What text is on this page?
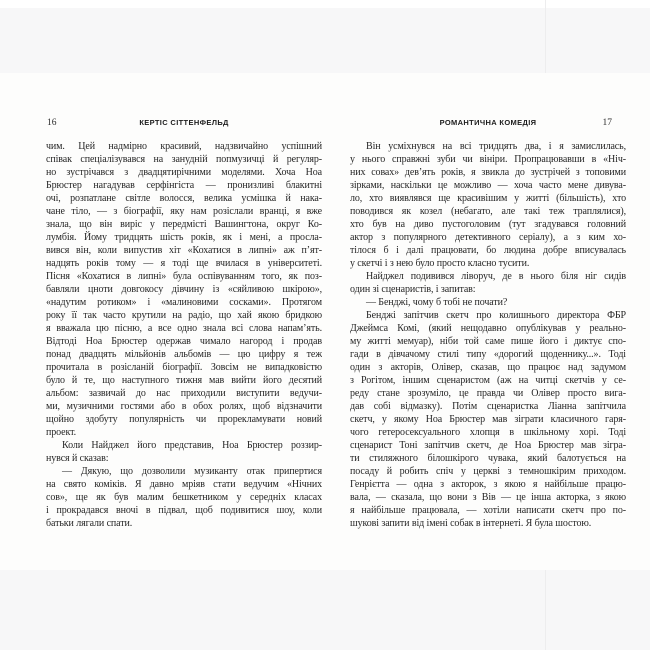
16	КЕРТІС СІТТЕНФЕЛЬД
чим. Цей надмірно красивий, надзвичайно успішний
співак спеціалізувався на занудній попмузичці й регуляр-
но зустрічався з двадцятирічними моделями. Хоча Ноа
Брюстер нагадував серфінгіста — пронизливі блакитні
очі, розпатлане світле волосся, велика усмішка й нака-
чане тіло, — з біографії, яку нам розіслали вранці, я вже
знала, що він виріс у передмісті Вашингтона, округ Ко-
лумбія. Йому тридцять шість років, як і мені, а просла-
вився він, коли випустив хіт «Кохатися в липні» аж п’ят-
надцять років тому — я тоді ще вчилася в університеті.
Пісня «Кохатися в липні» була оспівуванням того, як поз-
бавляли цноти довгокосу дівчину із «сяйливою шкірою»,
«надутим ротиком» і «малиновими сосками». Протягом
року її так часто крутили на радіо, що хай якою бридкою
я вважала цю пісню, а все одно знала всі слова напам’ять.
Відтоді Ноа Брюстер одержав чимало нагород і продав
понад двадцять мільйонів альбомів — цю цифру я теж
прочитала в розісланій біографії. Зовсім не випадковістю
було й те, що наступного тижня мав вийти його десятий
альбом: зазвичай до нас приходили виступити ведучи-
ми, музичними гостями або в обох ролях, щоб відзначити
щойно здобуту популярність чи прорекламувати новий
проект.
Коли Найджел його представив, Ноа Брюстер роззир-
нувся й сказав:
— Дякую, що дозволили музиканту отак припертися
на свято коміків. Я давно мріяв стати ведучим «Нічних
сов», ще як був малим бешкетником у середніх класах
і прокрадався вночі в підвал, щоб подивитися шоу, коли
батьки лягали спати.
РОМАНТИЧНА КОМЕДІЯ	17
Він усміхнувся на всі тридцять два, і я замислилась,
у нього справжні зуби чи вініри. Пропрацювавши в «Ніч-
них совах» дев’ять років, я звикла до зустрічей з топовими
зірками, наскільки це можливо — хоча часто мене дивува-
ло, хто виявлявся ще красивішим у житті (більшість), хто
поводився як козел (небагато, але такі теж траплялися),
хто був на диво пустоголовим (тут згадувався головний
актор з популярного детективного серіалу), а з ким хо-
тілося б і далі працювати, бо людина добре вписувалась
у скетчі і з нею було просто класно тусити.
Найджел подивився ліворуч, де в нього біля ніг сидів
один зі сценаристів, і запитав:
— Бенджі, чому б тобі не почати?
Бенджі запітчив скетч про колишнього директора ФБР
Джеймса Комі, (який нещодавно опублікував у реально-
му житті мемуар), ніби той саме пише його і диктує спо-
гади в дівчачому стилі типу «дорогий щоденнику...». Тоді
один з акторів, Олівер, сказав, що працює над задумом
з Рогітом, іншим сценаристом (аж на читці скетчів у се-
реду стане зрозуміло, це правда чи Олівер просто вига-
дав собі відмазку). Потім сценаристка Ліанна запітчила
скетч, у якому Ноа Брюстер мав зіграти класичного гаря-
чого гетеросексуального хлопця в шкільному хорі. Тоді
сценарист Тоні запітчив скетч, де Ноа Брюстер мав зігра-
ти стиляжного білошкірого чувака, який балотується на
посаду й робить спіч у церкві з темношкірим приходом.
Генрієтта — одна з акторок, з якою я найбільше працю-
вала, — сказала, що вони з Вів — це інша акторка, з якою
я найбільше працювала, — хотіли написати скетч про по-
шукові запити від імені собак в інтернеті. Я була шостою.
